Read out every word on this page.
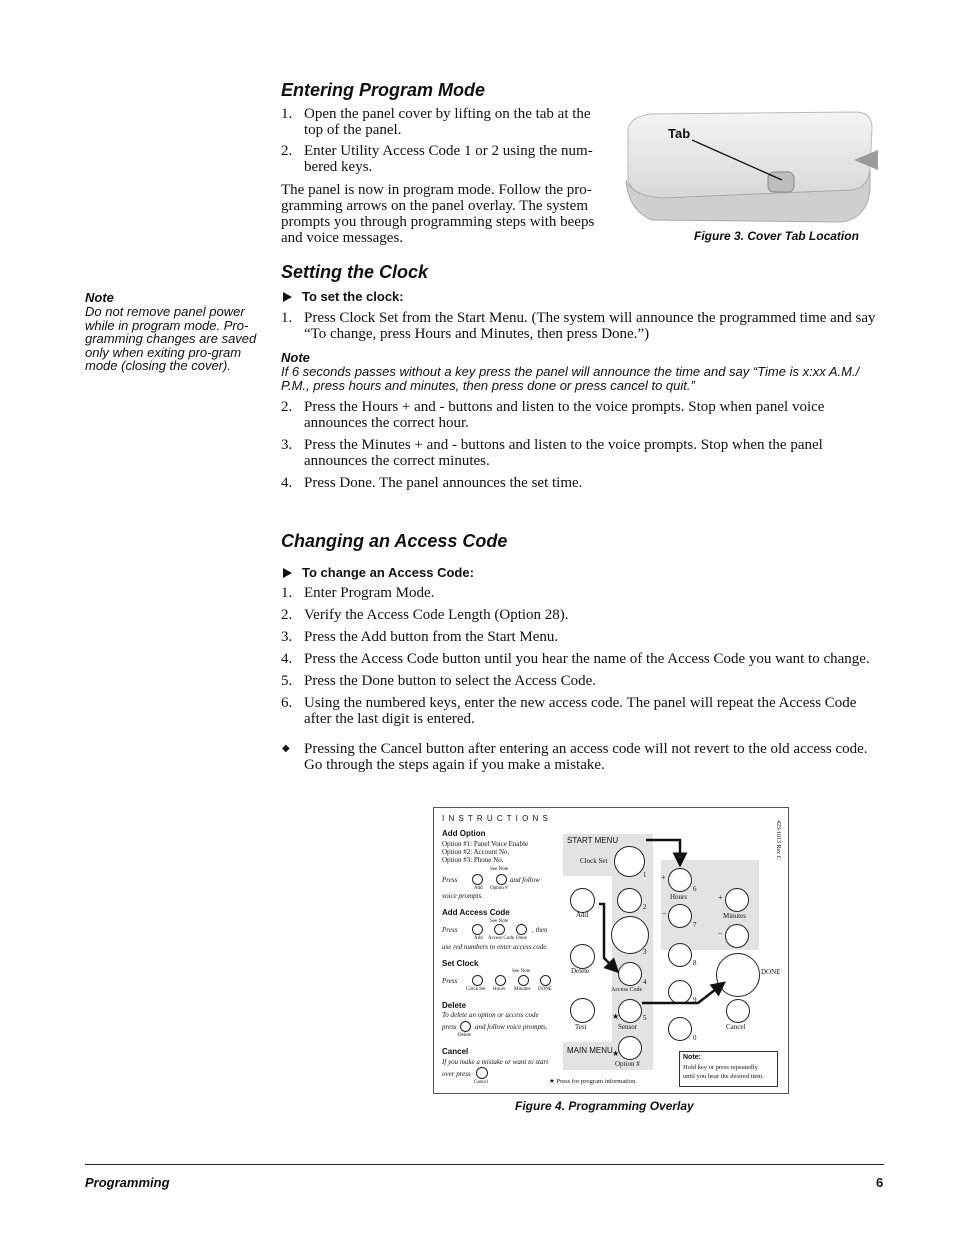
Entering Program Mode
1. Open the panel cover by lifting on the tab at the top of the panel.
2. Enter Utility Access Code 1 or 2 using the num-bered keys.
The panel is now in program mode. Follow the pro-gramming arrows on the panel overlay. The system prompts you through programming steps with beeps and voice messages.
Tab
Figure 3. Cover Tab Location
Note
Do not remove panel power while in program mode. Pro-gramming changes are saved only when exiting pro-gram mode (closing the cover).
Setting the Clock
To set the clock:
1. Press Clock Set from the Start Menu. (The system will announce the programmed time and say “To change, press Hours and Minutes, then press Done.”)
Note
If 6 seconds passes without a key press the panel will announce the time and say “Time is x:xx A.M./ P.M., press hours and minutes, then press done or press cancel to quit.”
2. Press the Hours + and - buttons and listen to the voice prompts. Stop when panel voice announces the correct hour.
3. Press the Minutes + and - buttons and listen to the voice prompts. Stop when the panel announces the correct minutes.
4. Press Done. The panel announces the set time.
Changing an Access Code
To change an Access Code:
1. Enter Program Mode.
2. Verify the Access Code Length (Option 28).
3. Press the Add button from the Start Menu.
4. Press the Access Code button until you hear the name of the Access Code you want to change.
5. Press the Done button to select the Access Code.
6. Using the numbered keys, enter the new access code. The panel will repeat the Access Code after the last digit is entered.
◆ Pressing the Cancel button after entering an access code will not revert to the old access code. Go through the steps again if you make a mistake.
I N S T R U C T I O N S
Add Option
Option #1: Panel Voice Enable
Option #2: Account No.
Option #3: Phone No.
Press
See Note
Add Option #
and follow
voice prompts.
Add Access Code
See Note
Press
Add Access Code Done
, then
use red numbers to enter access code.
Set Clock
See Note
Press
Clock Set Hours Minutes DONE
Delete
To delete an option or access code
press
Delete
and follow voice prompts.
Cancel
If you make a mistake or want to start
over press
Cancel
START MENU
MAIN MENU
423-1013 Rev C
Clock Set
1
Add
2
3
Delete
Access Code
4
Test
★
Sensor
5
★
Option #
+
6
Hours
−
7
+
Minutes
−
8
9
0
DONE
Cancel
Note:
Hold key or press repeatedly
until you hear the desired item.
★ Press for program information.
Figure 4. Programming Overlay
Programming	6
